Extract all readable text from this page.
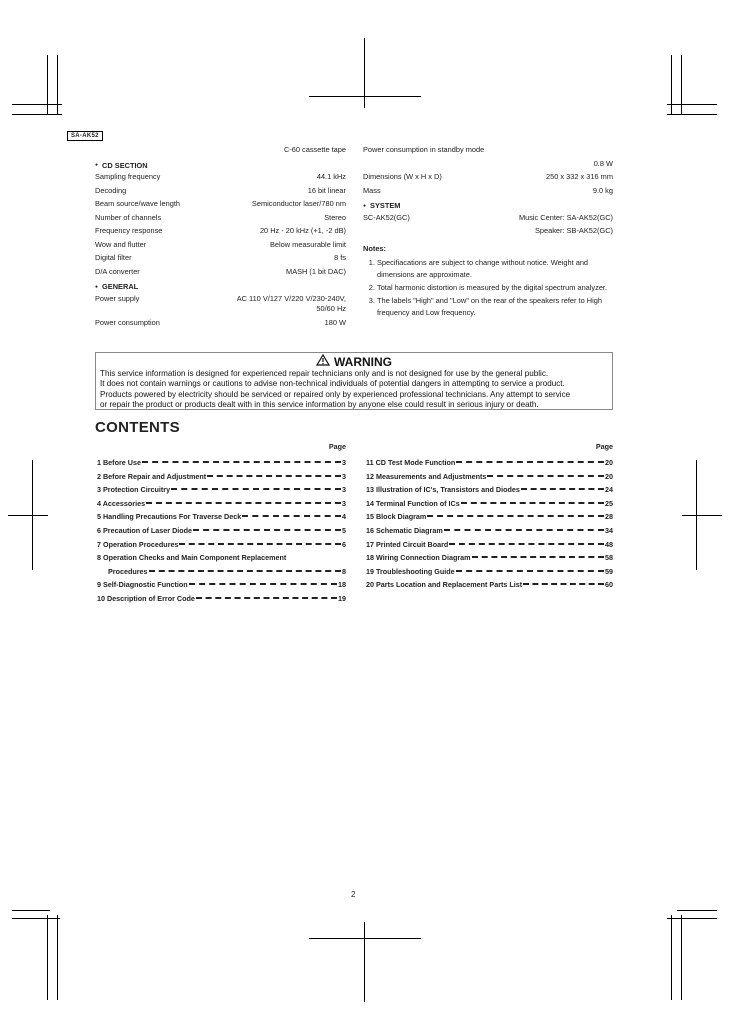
SA-AK52
C-60 cassette tape
● CD SECTION
Sampling frequency	44.1 kHz
Decoding	16 bit linear
Beam source/wave length	Semiconductor laser/780 nm
Number of channels	Stereo
Frequency response	20 Hz - 20 kHz (+1, -2 dB)
Wow and flutter	Below measurable limit
Digital filter	8 fs
D/A converter	MASH (1 bit DAC)
● GENERAL
Power supply	AC 110 V/127 V/220 V/230-240V,
50/60 Hz
Power consumption	180 W
Power consumption in standby mode
0.8 W
Dimensions (W x H x D)	250 x 332 x 316 mm
Mass	9.0 kg
● SYSTEM
SC-AK52(GC)	Music Center: SA-AK52(GC)
Speaker: SB-AK52(GC)
Notes:
1. Specifiacations are subject to change without notice. Weight and dimensions are approximate.
2. Total harmonic distortion is measured by the digital spectrum analyzer.
3. The labels "High" and "Low" on the rear of the speakers refer to High frequency and Low frequency.
WARNING

This service information is designed for experienced repair technicians only and is not designed for use by the general public.

It does not contain warnings or cautions to advise non-technical individuals of potential dangers in attempting to service a product.

Products powered by electricity should be serviced or repaired only by experienced professional technicians. Any attempt to service

or repair the product or products dealt with in this service information by anyone else could result in serious injury or death.

CONTENTS
Page
1 Before Use	3
2 Before Repair and Adjustment	3
3 Protection Circuitry	3
4 Accessories	3
5 Handling Precautions For Traverse Deck	4
6 Precaution of Laser Diode	5
7 Operation Procedures	6
8 Operation Checks and Main Component Replacement
Procedures	8
9 Self-Diagnostic Function	18
10 Description of Error Code	19
Page
11 CD Test Mode Function	20
12 Measurements and Adjustments	20
13 Illustration of IC's, Transistors and Diodes	24
14 Terminal Function of ICs	25
15 Block Diagram	28
16 Schematic Diagram	34
17 Printed Circuit Board	48
18 Wiring Connection Diagram	58
19 Troubleshooting Guide	59
20 Parts Location and Replacement Parts List	60
2
